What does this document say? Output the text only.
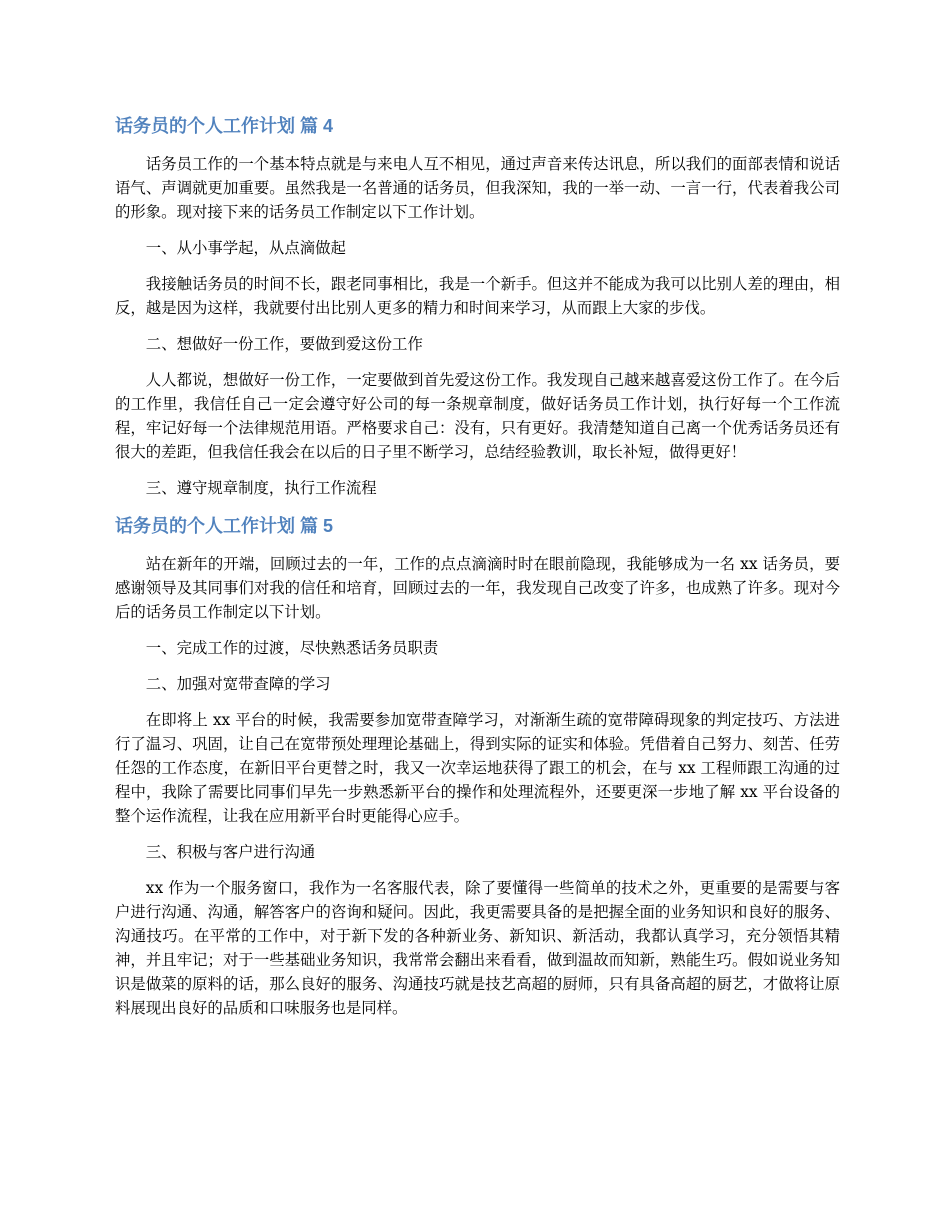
话务员的个人工作计划 篇 4

话务员工作的一个基本特点就是与来电人互不相见，通过声音来传达讯息，所以我们的面部表情和说话语气、声调就更加重要。虽然我是一名普通的话务员，但我深知，我的一举一动、一言一行，代表着我公司的形象。现对接下来的话务员工作制定以下工作计划。

一、从小事学起，从点滴做起

我接触话务员的时间不长，跟老同事相比，我是一个新手。但这并不能成为我可以比别人差的理由，相反，越是因为这样，我就要付出比别人更多的精力和时间来学习，从而跟上大家的步伐。

二、想做好一份工作，要做到爱这份工作

人人都说，想做好一份工作，一定要做到首先爱这份工作。我发现自己越来越喜爱这份工作了。在今后的工作里，我信任自己一定会遵守好公司的每一条规章制度，做好话务员工作计划，执行好每一个工作流程，牢记好每一个法律规范用语。严格要求自己：没有，只有更好。我清楚知道自己离一个优秀话务员还有很大的差距，但我信任我会在以后的日子里不断学习，总结经验教训，取长补短，做得更好！

三、遵守规章制度，执行工作流程

话务员的个人工作计划 篇 5

站在新年的开端，回顾过去的一年，工作的点点滴滴时时在眼前隐现，我能够成为一名 xx 话务员，要感谢领导及其同事们对我的信任和培育，回顾过去的一年，我发现自己改变了许多，也成熟了许多。现对今后的话务员工作制定以下计划。

一、完成工作的过渡，尽快熟悉话务员职责

二、加强对宽带查障的学习

在即将上 xx 平台的时候，我需要参加宽带查障学习，对渐渐生疏的宽带障碍现象的判定技巧、方法进行了温习、巩固，让自己在宽带预处理理论基础上，得到实际的证实和体验。凭借着自己努力、刻苦、任劳任怨的工作态度，在新旧平台更替之时，我又一次幸运地获得了跟工的机会，在与 xx 工程师跟工沟通的过程中，我除了需要比同事们早先一步熟悉新平台的操作和处理流程外，还要更深一步地了解 xx 平台设备的整个运作流程，让我在应用新平台时更能得心应手。

三、积极与客户进行沟通

xx 作为一个服务窗口，我作为一名客服代表，除了要懂得一些简单的技术之外，更重要的是需要与客户进行沟通、沟通，解答客户的咨询和疑问。因此，我更需要具备的是把握全面的业务知识和良好的服务、沟通技巧。在平常的工作中，对于新下发的各种新业务、新知识、新活动，我都认真学习，充分领悟其精神，并且牢记；对于一些基础业务知识，我常常会翻出来看看，做到温故而知新，熟能生巧。假如说业务知识是做菜的原料的话，那么良好的服务、沟通技巧就是技艺高超的厨师，只有具备高超的厨艺，才做将让原料展现出良好的品质和口味服务也是同样。
